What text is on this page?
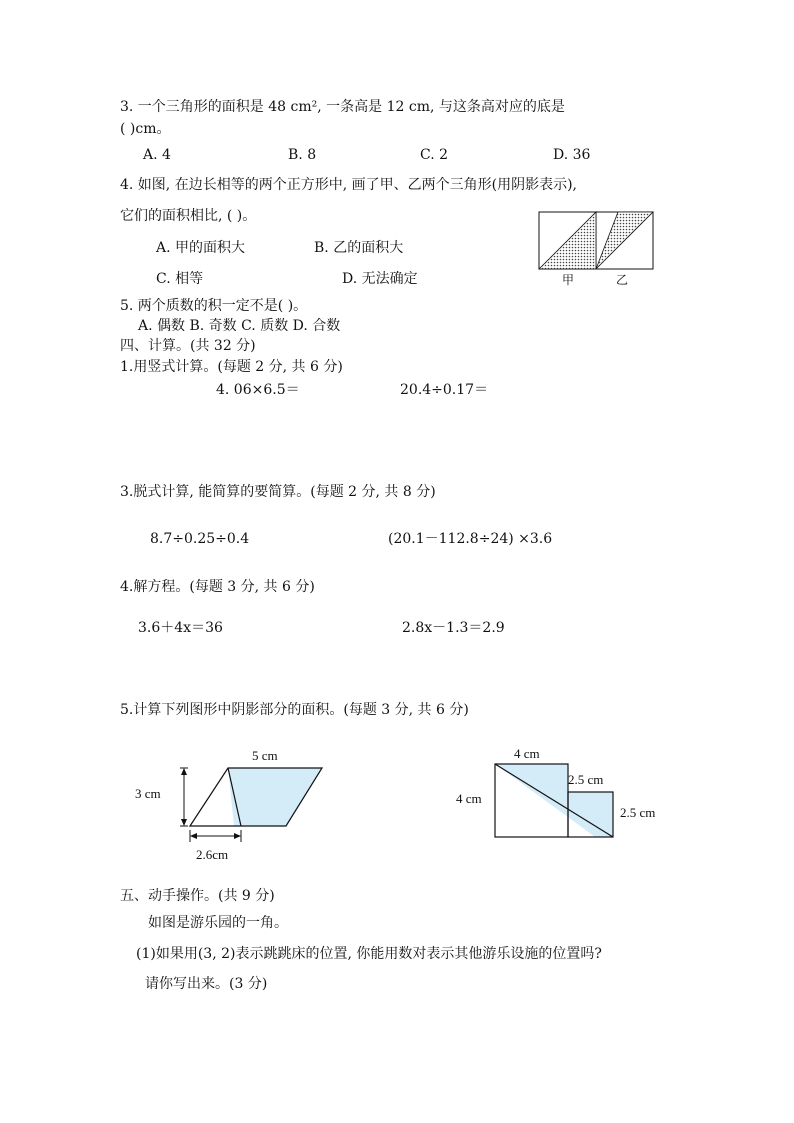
3. 一个三角形的面积是 48 cm², 一条高是 12 cm, 与这条高对应的底是
( )cm。
A. 4	B. 8	C. 2	D. 36
4. 如图, 在边长相等的两个正方形中, 画了甲、乙两个三角形(用阴影表示),
它们的面积相比, ( )。
A. 甲的面积大	B. 乙的面积大
C. 相等	D. 无法确定	甲	乙
5. 两个质数的积一定不是( )。
A. 偶数 B. 奇数 C. 质数 D. 合数
四、计算。(共 32 分)
1.用竖式计算。(每题 2 分, 共 6 分)
4. 06×6.5＝	20.4÷0.17＝
3.脱式计算, 能简算的要简算。(每题 2 分, 共 8 分)
8.7÷0.25÷0.4	(20.1－112.8÷24) ×3.6
4.解方程。(每题 3 分, 共 6 分)
3.6＋4x＝36	2.8x－1.3＝2.9
5.计算下列图形中阴影部分的面积。(每题 3 分, 共 6 分)
5 cm
3 cm
2.6cm
4 cm
4 cm
2.5 cm
2.5 cm
五、动手操作。(共 9 分)
如图是游乐园的一角。
(1)如果用(3, 2)表示跳跳床的位置, 你能用数对表示其他游乐设施的位置吗?
请你写出来。(3 分)
